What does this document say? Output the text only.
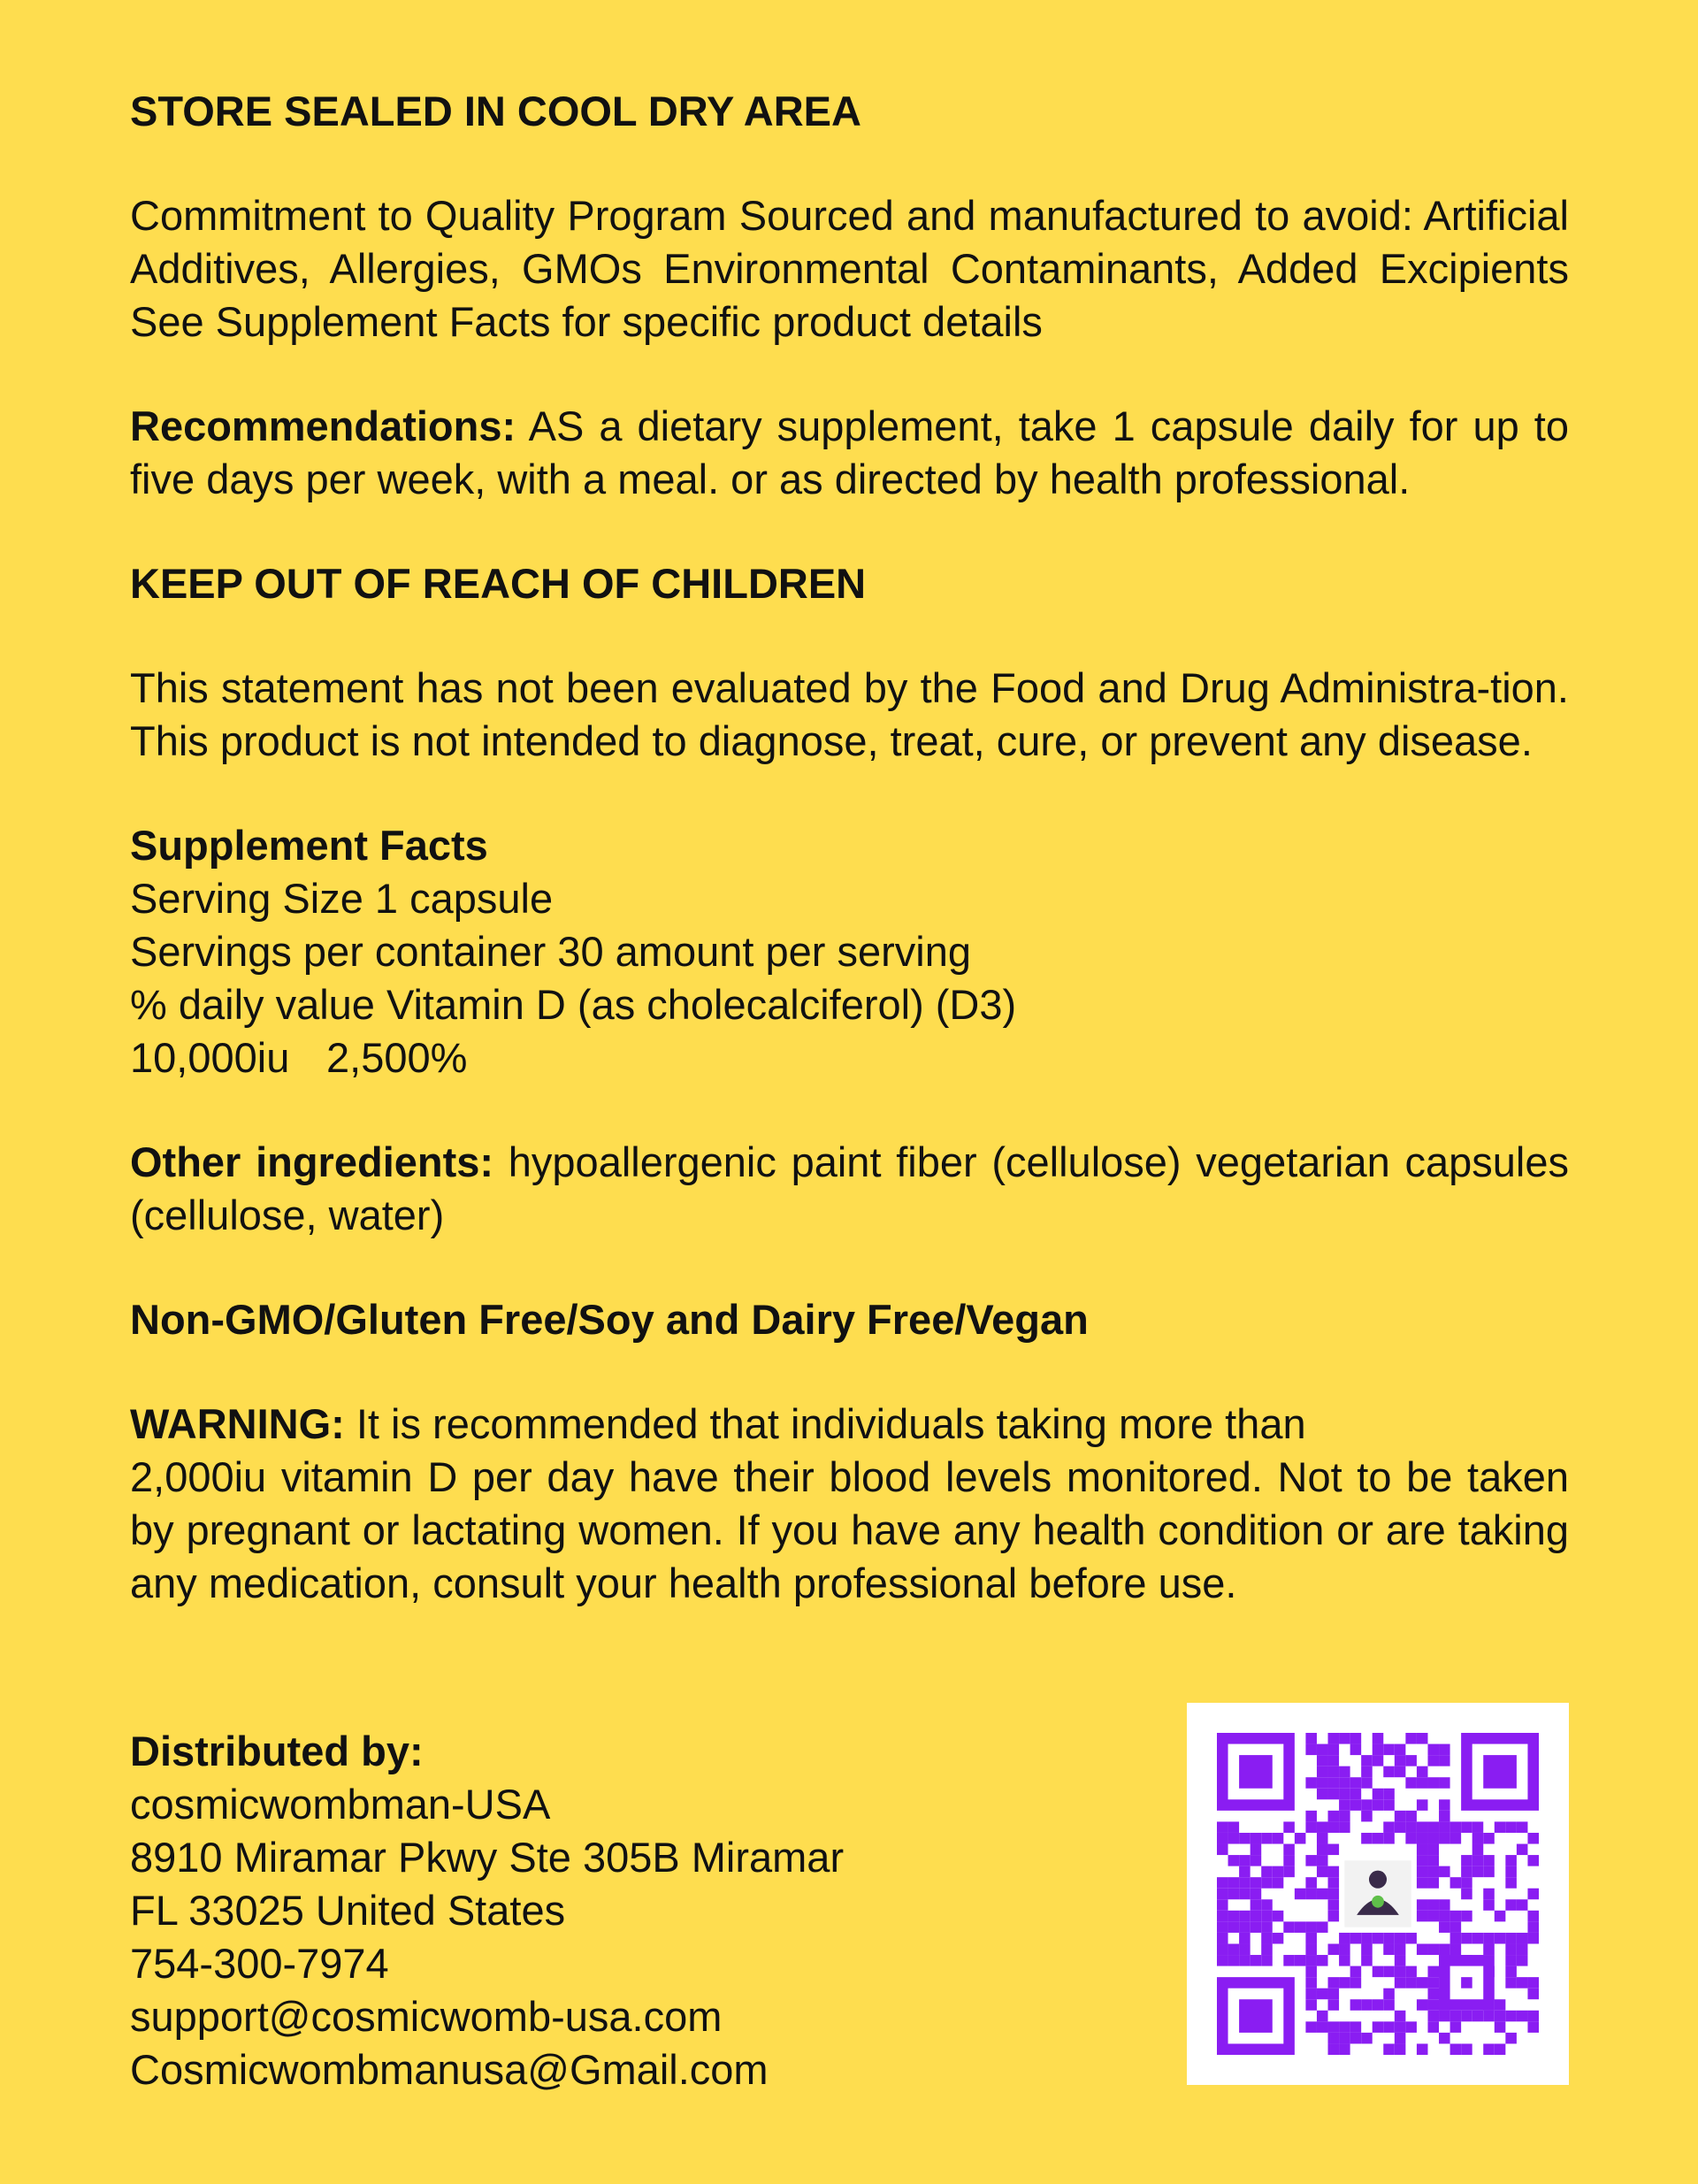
STORE SEALED IN COOL DRY AREA

Commitment to Quality Program Sourced and manufactured to avoid: Artificial Additives, Allergies, GMOs Environmental Contaminants, Added Excipients See Supplement Facts for specific product details

Recommendations: AS a dietary supplement, take 1 capsule daily for up to five days per week, with a meal. or as directed by health professional.

KEEP OUT OF REACH OF CHILDREN

This statement has not been evaluated by the Food and Drug Administra-tion. This product is not intended to diagnose, treat, cure, or prevent any disease.

Supplement Facts
Serving Size 1 capsule
Servings per container 30 amount per serving
% daily value Vitamin D (as cholecalciferol) (D3)
10,000iu 2,500%

Other ingredients: hypoallergenic paint fiber (cellulose) vegetarian capsules (cellulose, water)

Non-GMO/Gluten Free/Soy and Dairy Free/Vegan

WARNING: It is recommended that individuals taking more than
2,000iu vitamin D per day have their blood levels monitored. Not to be taken by pregnant or lactating women. If you have any health condition or are taking any medication, consult your health professional before use.
Distributed by:
cosmicwombman-USA
8910 Miramar Pkwy Ste 305B Miramar
FL 33025 United States
754-300-7974
support@cosmicwomb-usa.com
Cosmicwombmanusa@Gmail.com
